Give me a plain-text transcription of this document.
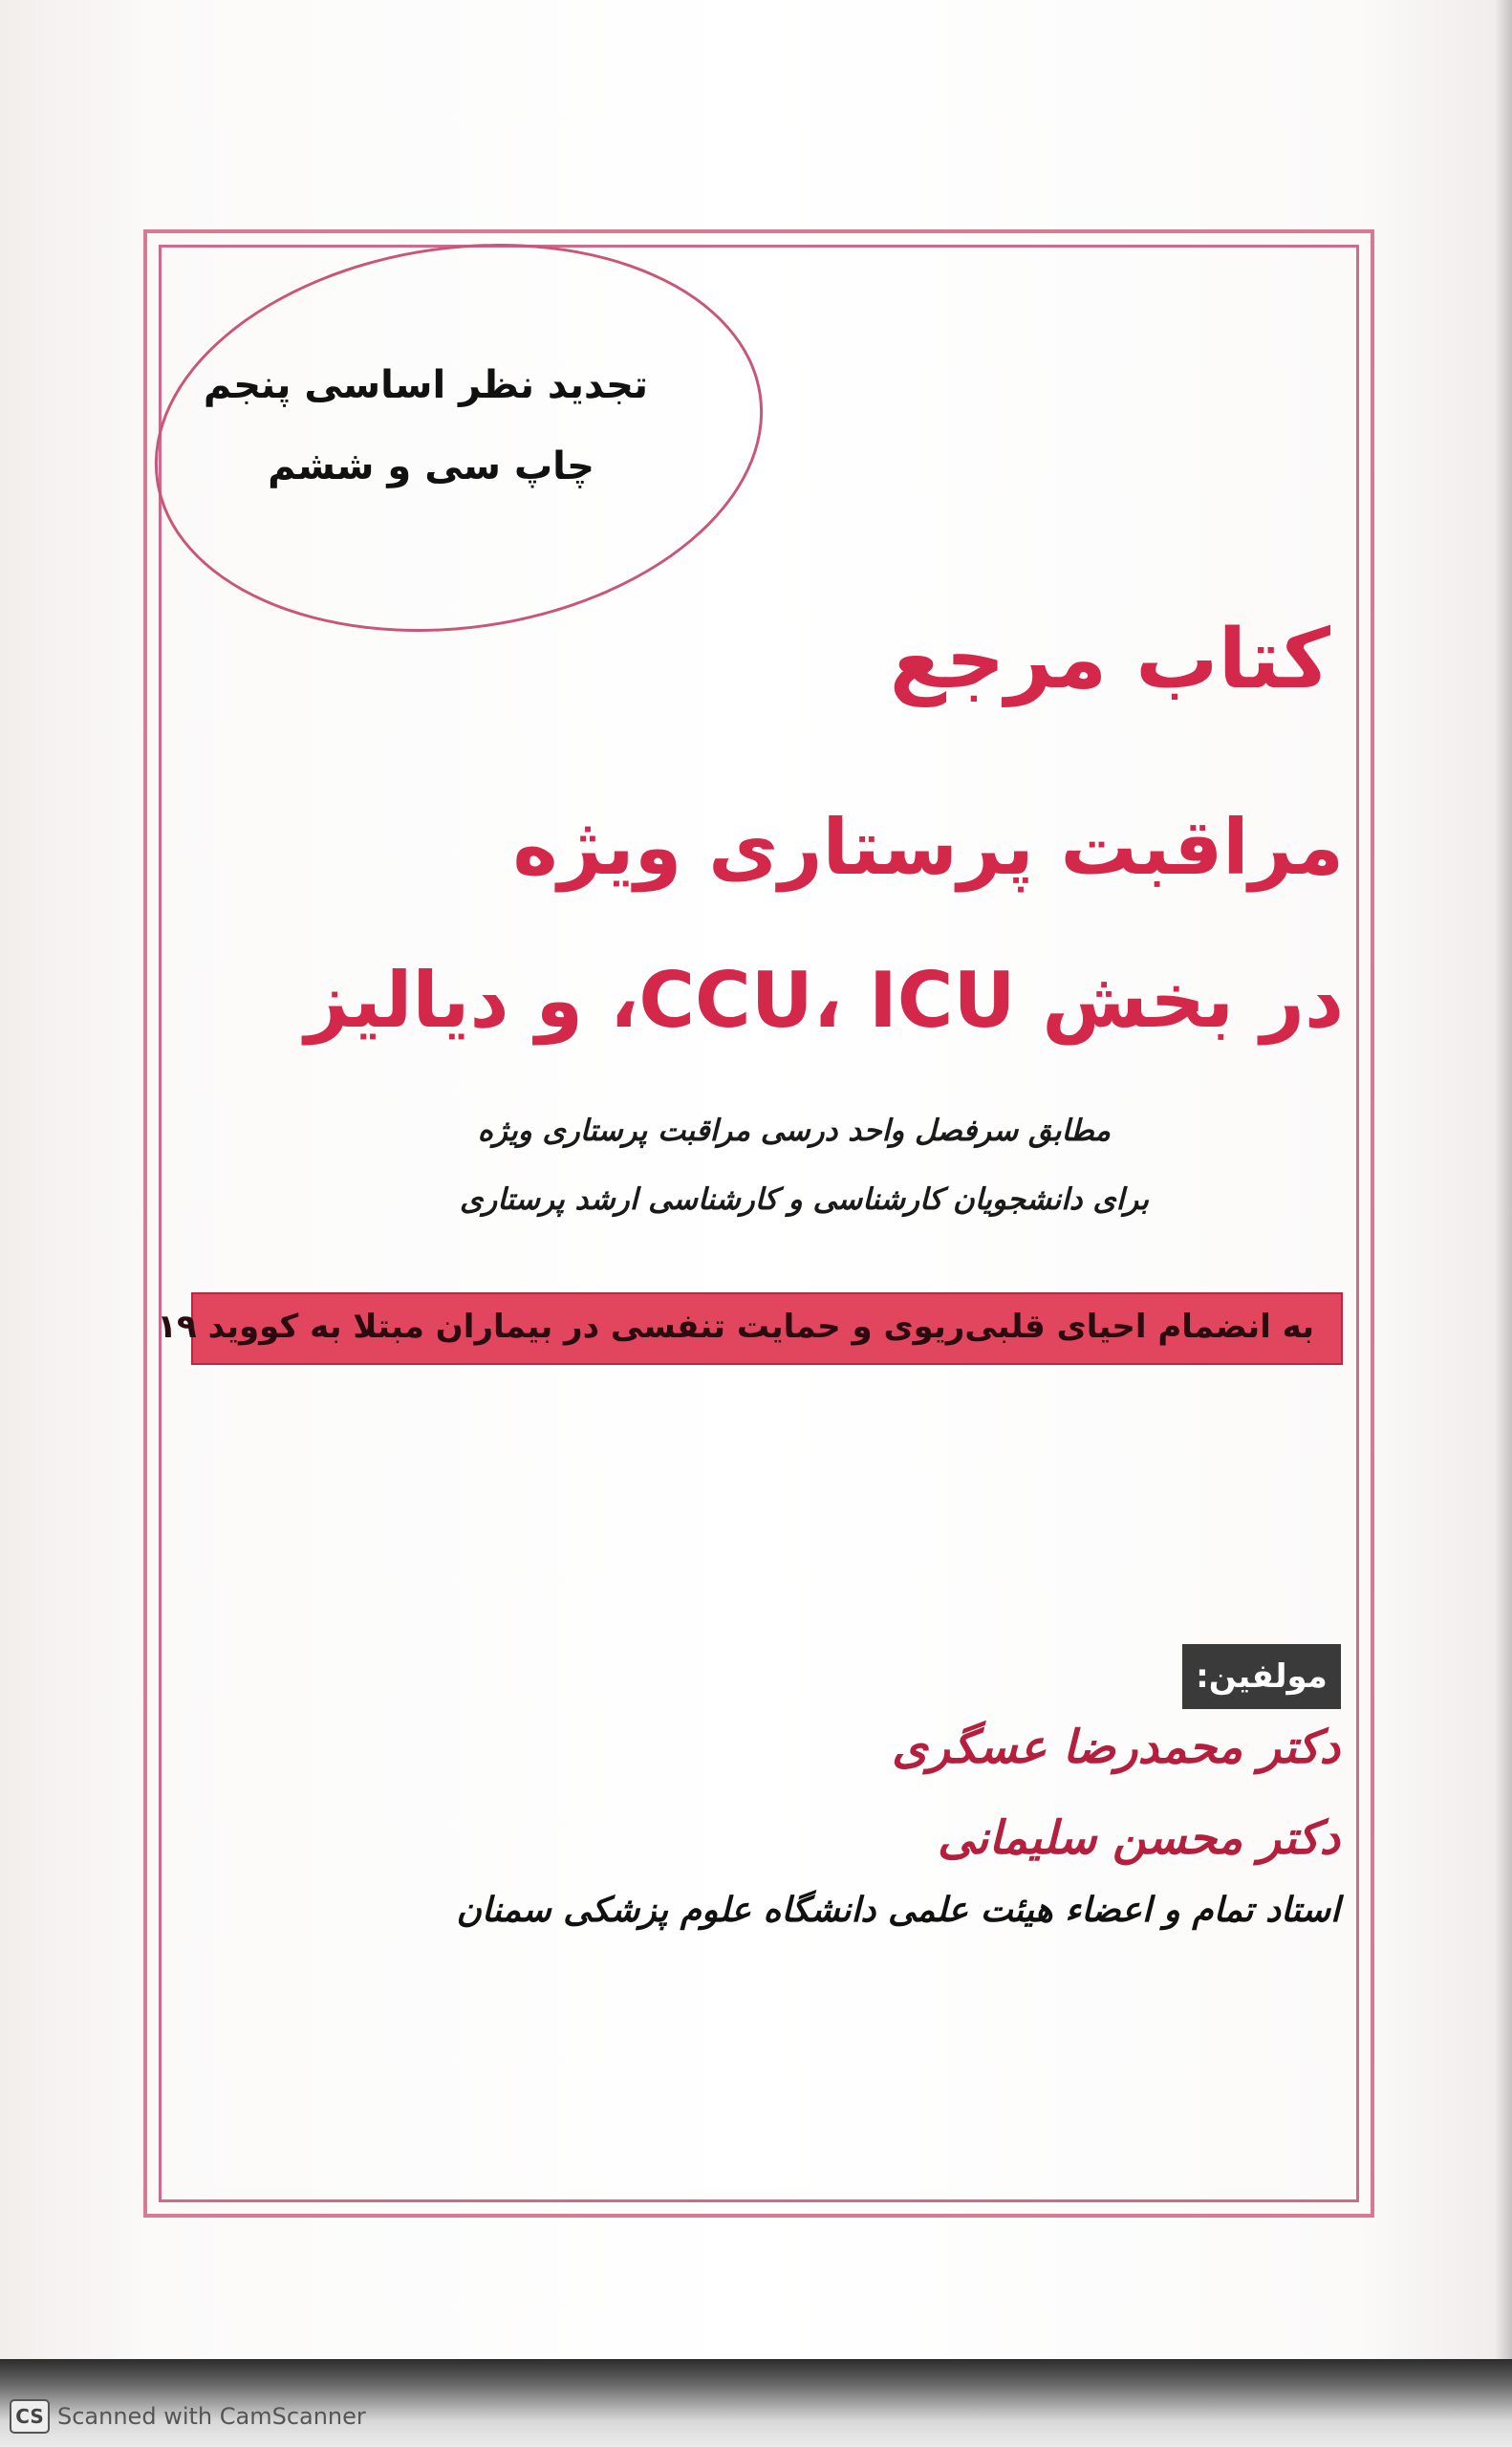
تجدید نظر اساسی پنجم
چاپ سی و ششم
کتاب مرجع
مراقبت پرستاری ویژه
در بخش CCU، ICU، و دیالیز
مطابق سرفصل واحد درسی مراقبت پرستاری ویژه
برای دانشجویان کارشناسی و کارشناسی ارشد پرستاری
به انضمام احیای قلبی‌ریوی و حمایت تنفسی در بیماران مبتلا به کووید ۱۹
مولفین:
دکتر محمدرضا عسگری
دکتر محسن سلیمانی
استاد تمام و اعضاء هیئت علمی دانشگاه علوم پزشکی سمنان
CS Scanned with CamScanner
